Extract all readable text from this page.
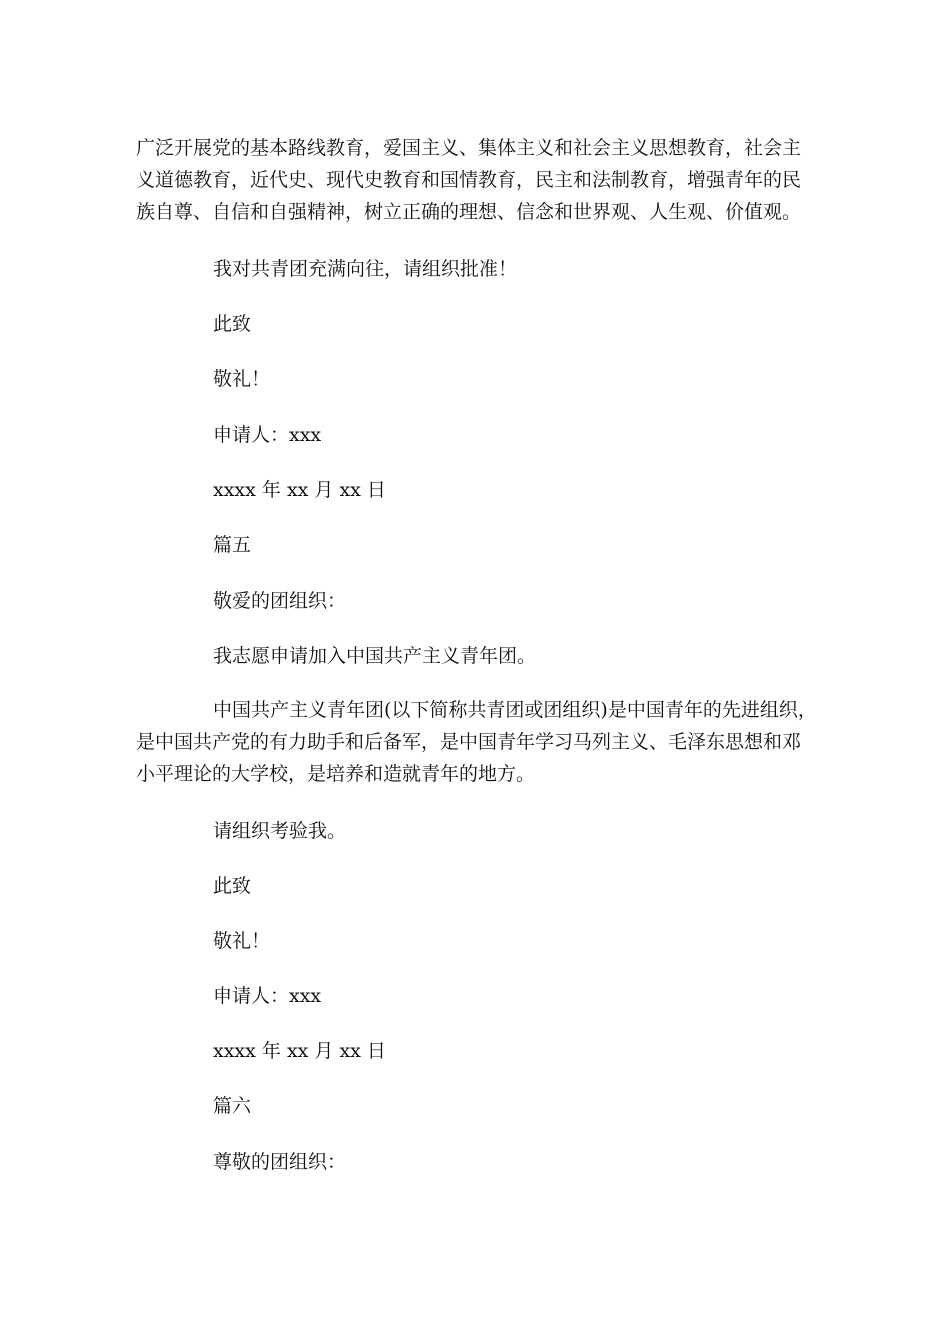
广泛开展党的基本路线教育，爱国主义、集体主义和社会主义思想教育，社会主
义道德教育，近代史、现代史教育和国情教育，民主和法制教育，增强青年的民
族自尊、自信和自强精神，树立正确的理想、信念和世界观、人生观、价值观。

我对共青团充满向往，请组织批准！

此致

敬礼！

申请人：xxx

xxxx 年 xx 月 xx 日

篇五

敬爱的团组织：

我志愿申请加入中国共产主义青年团。

中国共产主义青年团(以下简称共青团或团组织)是中国青年的先进组织，
是中国共产党的有力助手和后备军，是中国青年学习马列主义、毛泽东思想和邓
小平理论的大学校，是培养和造就青年的地方。

请组织考验我。

此致

敬礼！

申请人：xxx

xxxx 年 xx 月 xx 日

篇六

尊敬的团组织：
